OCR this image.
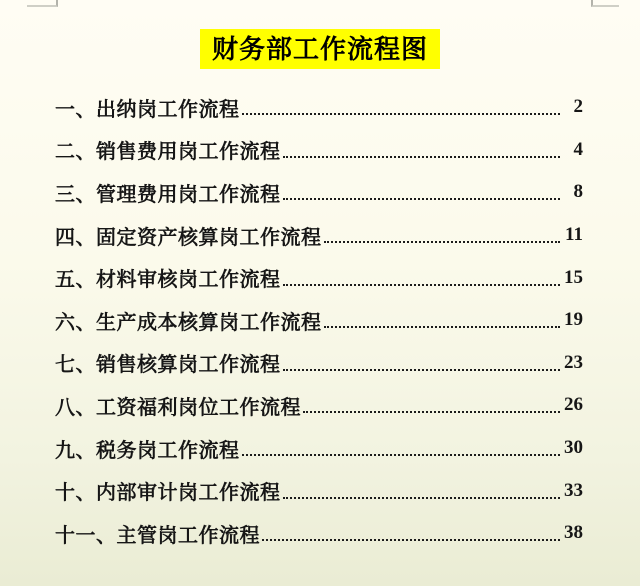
财务部工作流程图
一、出纳岗工作流程	2
二、销售费用岗工作流程	4
三、管理费用岗工作流程	8
四、固定资产核算岗工作流程	11
五、材料审核岗工作流程	15
六、生产成本核算岗工作流程	19
七、销售核算岗工作流程	23
八、工资福利岗位工作流程	26
九、税务岗工作流程	30
十、内部审计岗工作流程	33
十一、主管岗工作流程	38
